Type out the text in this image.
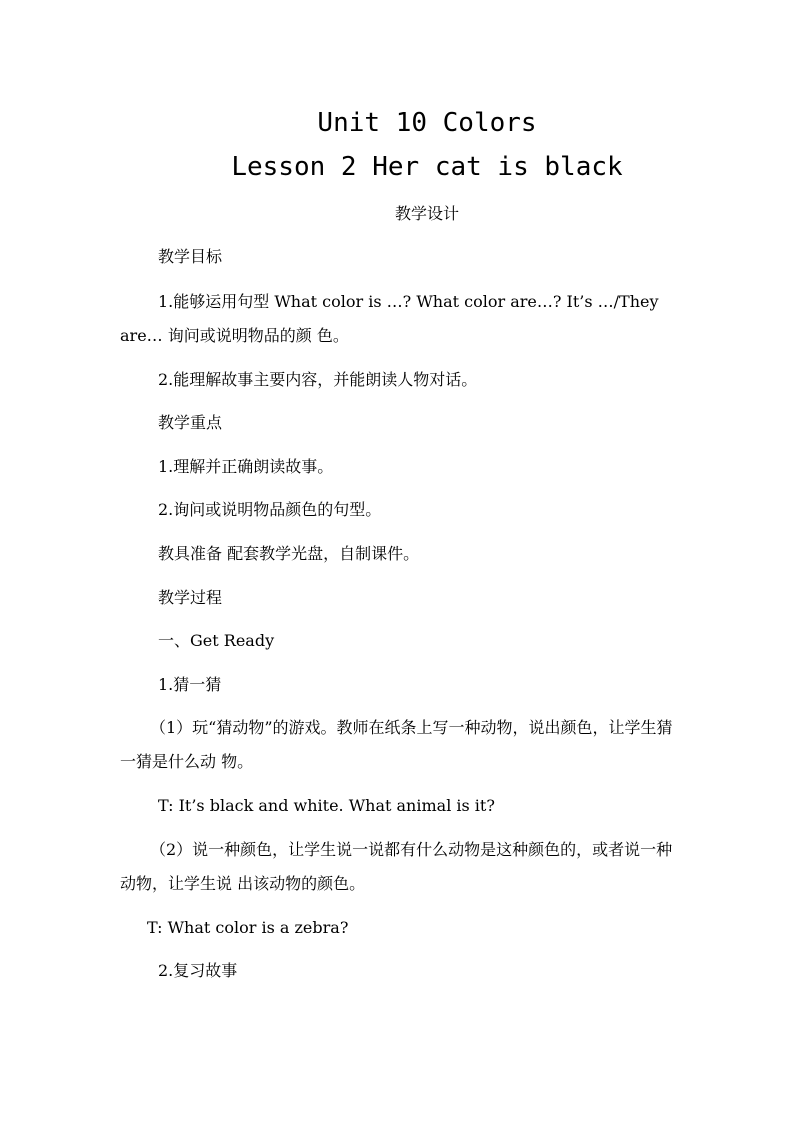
Unit 10 Colors
Lesson 2 Her cat is black
教学设计

教学目标

1.能够运用句型 What color is …? What color are…? It’s …/They are… 询问或说明物品的颜 色。

2.能理解故事主要内容，并能朗读人物对话。

教学重点

1.理解并正确朗读故事。

2.询问或说明物品颜色的句型。

教具准备 配套教学光盘，自制课件。

教学过程

一、Get Ready

1.猜一猜

（1）玩“猜动物”的游戏。教师在纸条上写一种动物，说出颜色，让学生猜一猜是什么动 物。

T: It’s black and white. What animal is it?

（2）说一种颜色，让学生说一说都有什么动物是这种颜色的，或者说一种动物，让学生说 出该动物的颜色。

T: What color is a zebra?

2.复习故事
